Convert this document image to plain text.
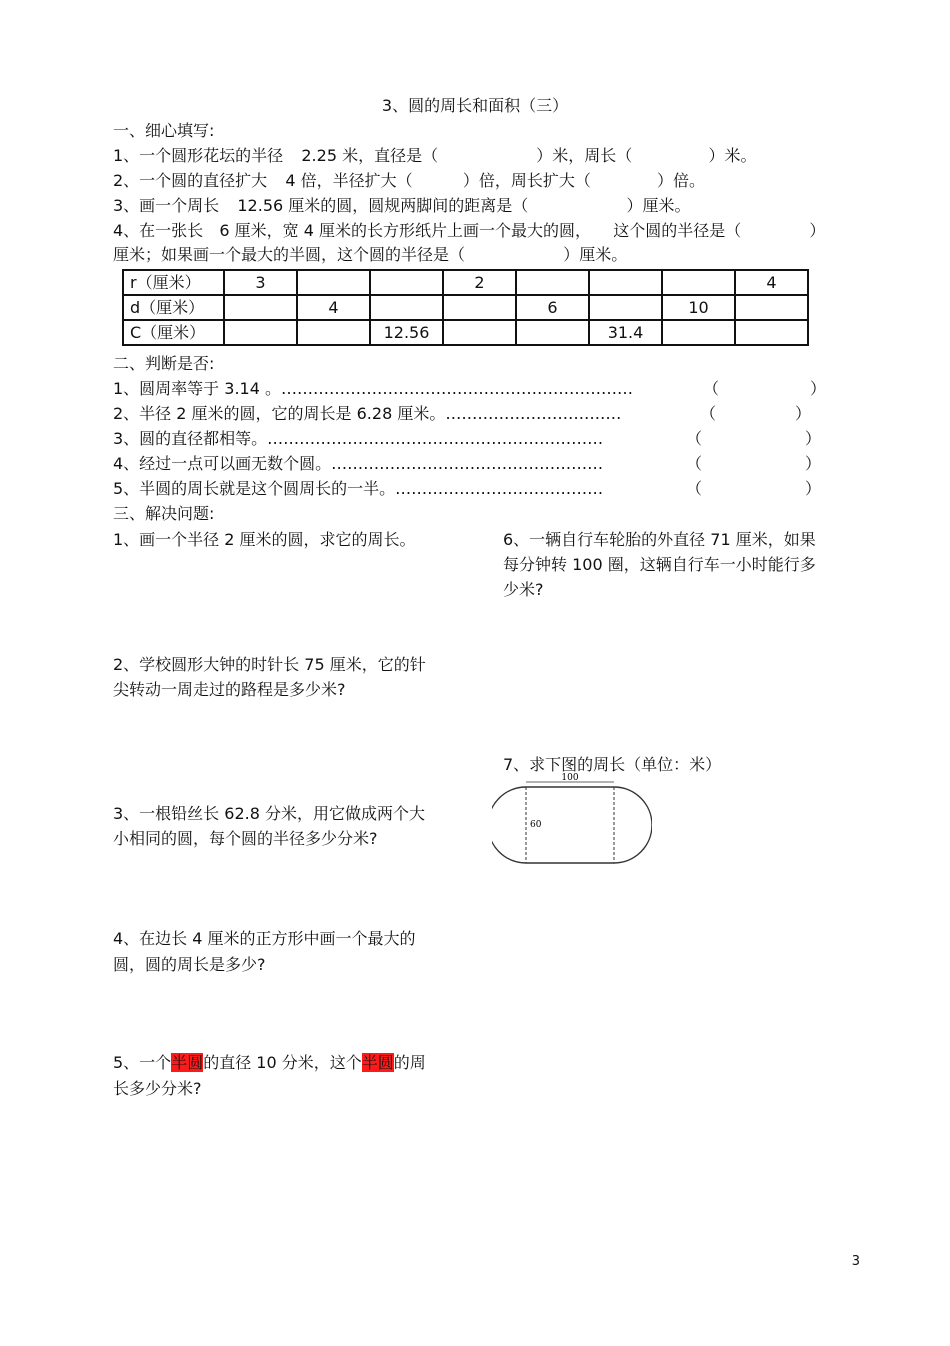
3、圆的周长和面积（三）
一、细心填写:
1、一个圆形花坛的半径 2.25 米，直径是（	）米，周长（	）米。
2、一个圆的直径扩大 4 倍，半径扩大（	）倍，周长扩大（	）倍。
3、画一个周长 12.56 厘米的圆，圆规两脚间的距离是（	）厘米。
4、在一张长 6 厘米，宽 4 厘米的长方形纸片上画一个最大的圆， 这个圆的半径是（	）
厘米；如果画一个最大的半圆，这个圆的半径是（	）厘米。
r（厘米）	3			2				4
d（厘米）		4			6		10	
C（厘米）			12.56			31.4		
二、判断是否:
1、圆周率等于 3.14 。…………………………………………………………	（	）
2、半径 2 厘米的圆，它的周长是 6.28 厘米。……………………………	（	）
3、圆的直径都相等。………………………………………………………	（	）
4、经过一点可以画无数个圆。……………………………………………	（	）
5、半圆的周长就是这个圆周长的一半。…………………………………	（	）
三、解决问题:
1、画一个半径 2 厘米的圆，求它的周长。
2、学校圆形大钟的时针长 75 厘米，它的针
尖转动一周走过的路程是多少米?
3、一根铅丝长 62.8 分米，用它做成两个大
小相同的圆，每个圆的半径多少分米?
4、在边长 4 厘米的正方形中画一个最大的
圆，圆的周长是多少?
5、一个半圆的直径 10 分米，这个半圆的周
长多少分米?
6、一辆自行车轮胎的外直径 71 厘米，如果
每分钟转 100 圈，这辆自行车一小时能行多
少米?
7、求下图的周长（单位：米）
100
60
3
